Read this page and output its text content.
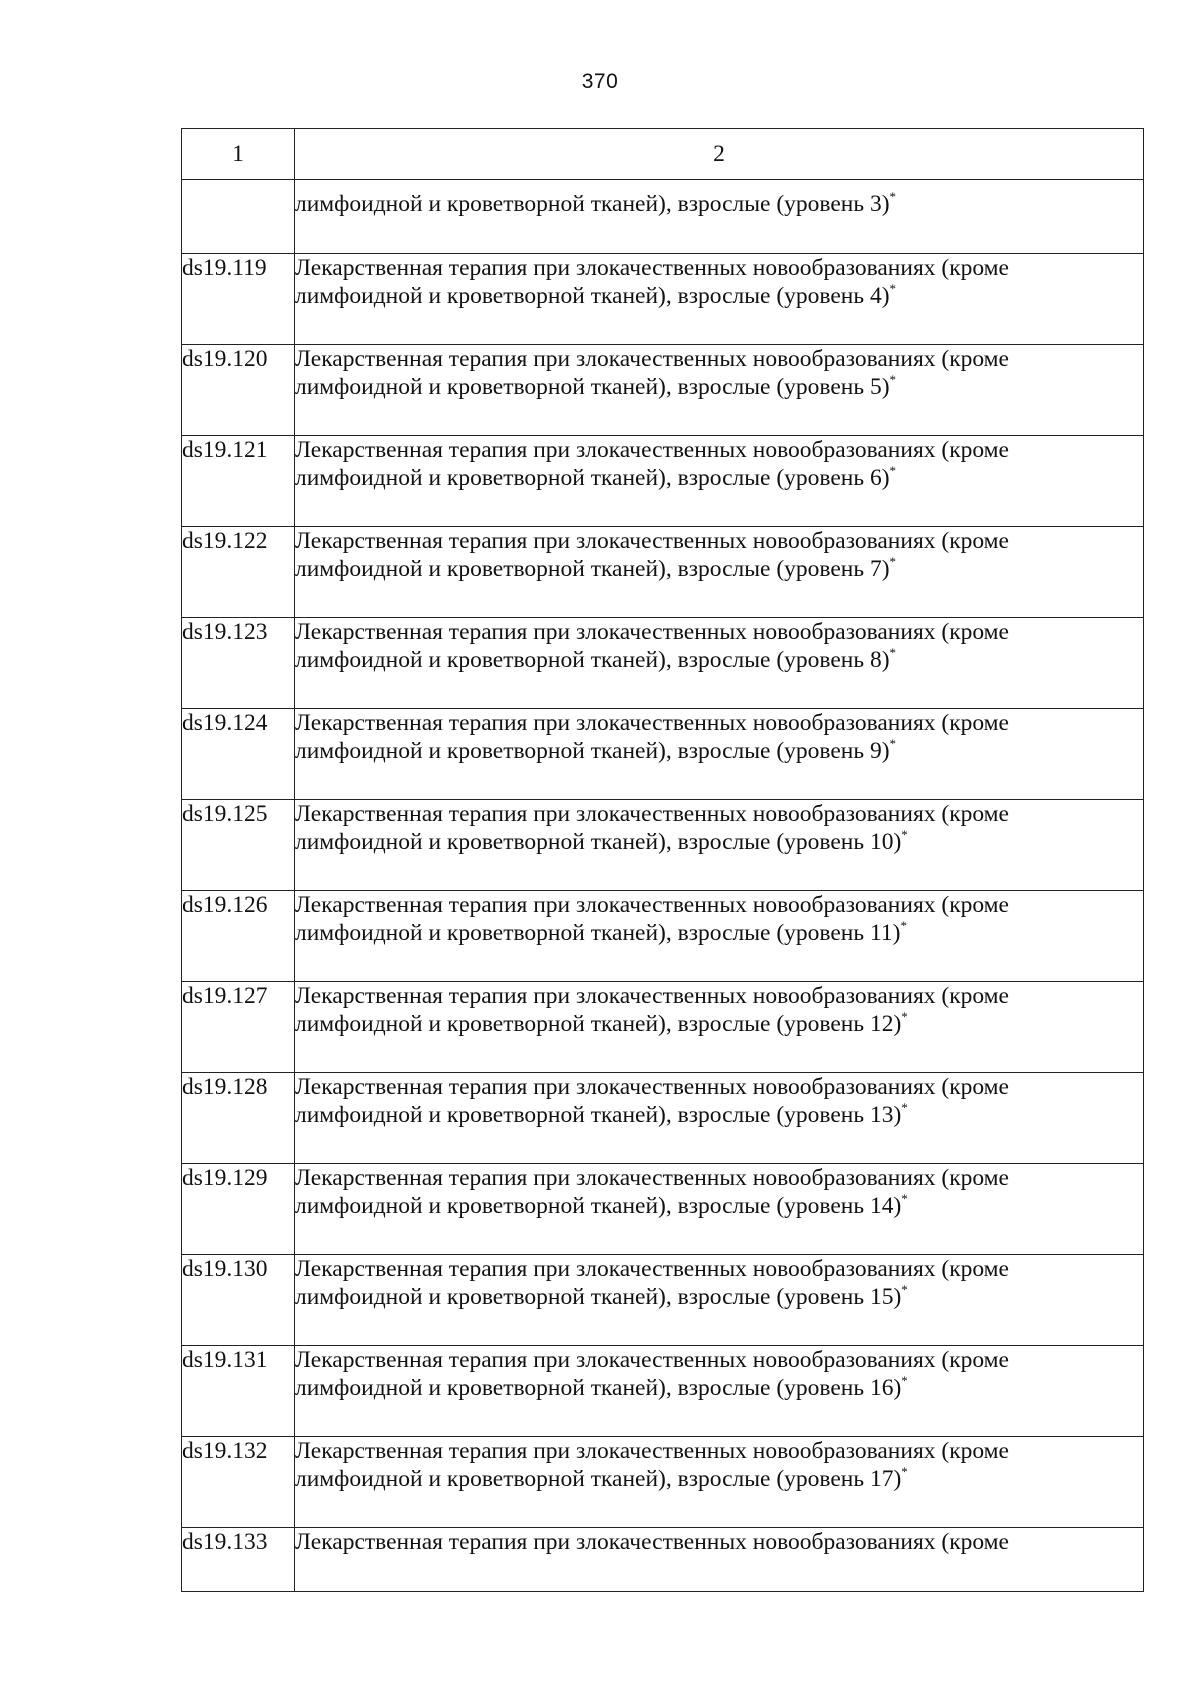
370
1	2
	лимфоидной и кроветворной тканей), взрослые (уровень 3)*
ds19.119	Лекарственная терапия при злокачественных новообразованиях (кроме
лимфоидной и кроветворной тканей), взрослые (уровень 4)*

ds19.120	Лекарственная терапия при злокачественных новообразованиях (кроме
лимфоидной и кроветворной тканей), взрослые (уровень 5)*

ds19.121	Лекарственная терапия при злокачественных новообразованиях (кроме
лимфоидной и кроветворной тканей), взрослые (уровень 6)*

ds19.122	Лекарственная терапия при злокачественных новообразованиях (кроме
лимфоидной и кроветворной тканей), взрослые (уровень 7)*

ds19.123	Лекарственная терапия при злокачественных новообразованиях (кроме
лимфоидной и кроветворной тканей), взрослые (уровень 8)*

ds19.124	Лекарственная терапия при злокачественных новообразованиях (кроме
лимфоидной и кроветворной тканей), взрослые (уровень 9)*

ds19.125	Лекарственная терапия при злокачественных новообразованиях (кроме
лимфоидной и кроветворной тканей), взрослые (уровень 10)*

ds19.126	Лекарственная терапия при злокачественных новообразованиях (кроме
лимфоидной и кроветворной тканей), взрослые (уровень 11)*

ds19.127	Лекарственная терапия при злокачественных новообразованиях (кроме
лимфоидной и кроветворной тканей), взрослые (уровень 12)*

ds19.128	Лекарственная терапия при злокачественных новообразованиях (кроме
лимфоидной и кроветворной тканей), взрослые (уровень 13)*

ds19.129	Лекарственная терапия при злокачественных новообразованиях (кроме
лимфоидной и кроветворной тканей), взрослые (уровень 14)*

ds19.130	Лекарственная терапия при злокачественных новообразованиях (кроме
лимфоидной и кроветворной тканей), взрослые (уровень 15)*

ds19.131	Лекарственная терапия при злокачественных новообразованиях (кроме
лимфоидной и кроветворной тканей), взрослые (уровень 16)*

ds19.132	Лекарственная терапия при злокачественных новообразованиях (кроме
лимфоидной и кроветворной тканей), взрослые (уровень 17)*

ds19.133	Лекарственная терапия при злокачественных новообразованиях (кроме
